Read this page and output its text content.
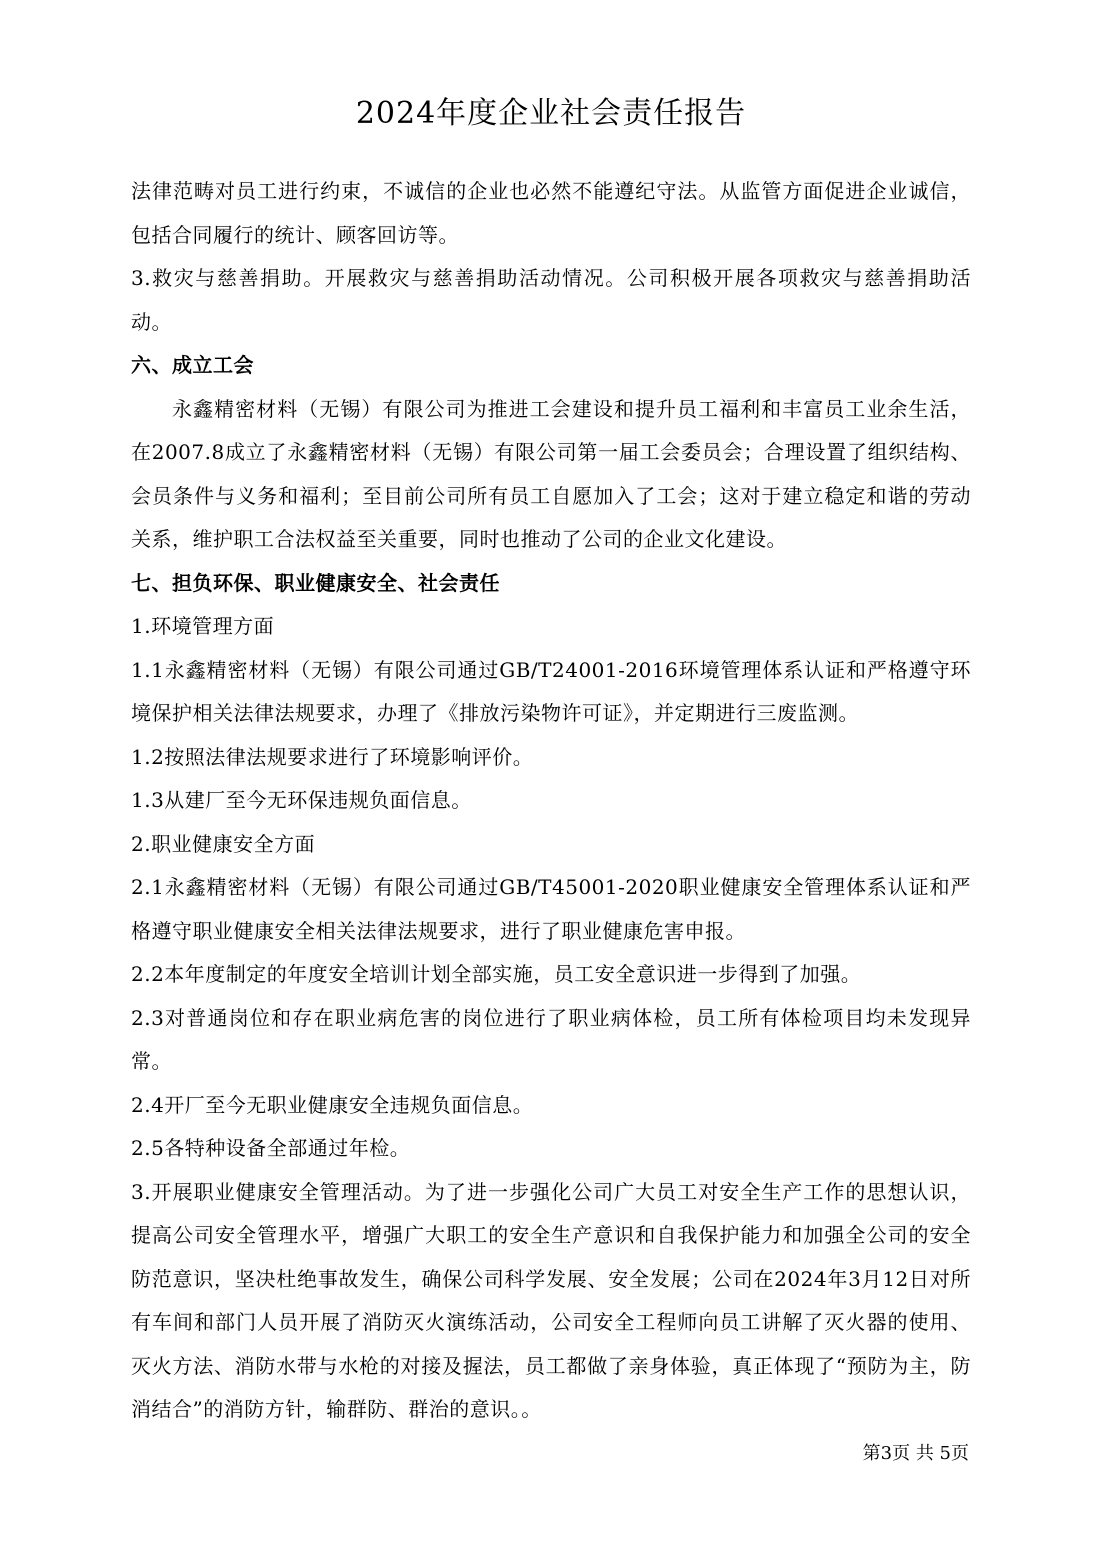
2024年度企业社会责任报告

法律范畴对员工进行约束，不诚信的企业也必然不能遵纪守法。从监管方面促进企业诚信，包括合同履行的统计、顾客回访等。

3.救灾与慈善捐助。开展救灾与慈善捐助活动情况。公司积极开展各项救灾与慈善捐助活动。

六、成立工会

永鑫精密材料（无锡）有限公司为推进工会建设和提升员工福利和丰富员工业余生活，在2007.8成立了永鑫精密材料（无锡）有限公司第一届工会委员会；合理设置了组织结构、会员条件与义务和福利；至目前公司所有员工自愿加入了工会；这对于建立稳定和谐的劳动关系，维护职工合法权益至关重要，同时也推动了公司的企业文化建设。

七、担负环保、职业健康安全、社会责任

1.环境管理方面

1.1永鑫精密材料（无锡）有限公司通过GB/T24001-2016环境管理体系认证和严格遵守环境保护相关法律法规要求，办理了《排放污染物许可证》，并定期进行三废监测。

1.2按照法律法规要求进行了环境影响评价。

1.3从建厂至今无环保违规负面信息。

2.职业健康安全方面

2.1永鑫精密材料（无锡）有限公司通过GB/T45001-2020职业健康安全管理体系认证和严格遵守职业健康安全相关法律法规要求，进行了职业健康危害申报。

2.2本年度制定的年度安全培训计划全部实施，员工安全意识进一步得到了加强。

2.3对普通岗位和存在职业病危害的岗位进行了职业病体检，员工所有体检项目均未发现异常。

2.4开厂至今无职业健康安全违规负面信息。

2.5各特种设备全部通过年检。

3.开展职业健康安全管理活动。为了进一步强化公司广大员工对安全生产工作的思想认识，提高公司安全管理水平，增强广大职工的安全生产意识和自我保护能力和加强全公司的安全防范意识，坚决杜绝事故发生，确保公司科学发展、安全发展；公司在2024年3月12日对所有车间和部门人员开展了消防灭火演练活动，公司安全工程师向员工讲解了灭火器的使用、灭火方法、消防水带与水枪的对接及握法，员工都做了亲身体验，真正体现了“预防为主，防消结合”的消防方针，输群防、群治的意识。。

第3页 共 5页
